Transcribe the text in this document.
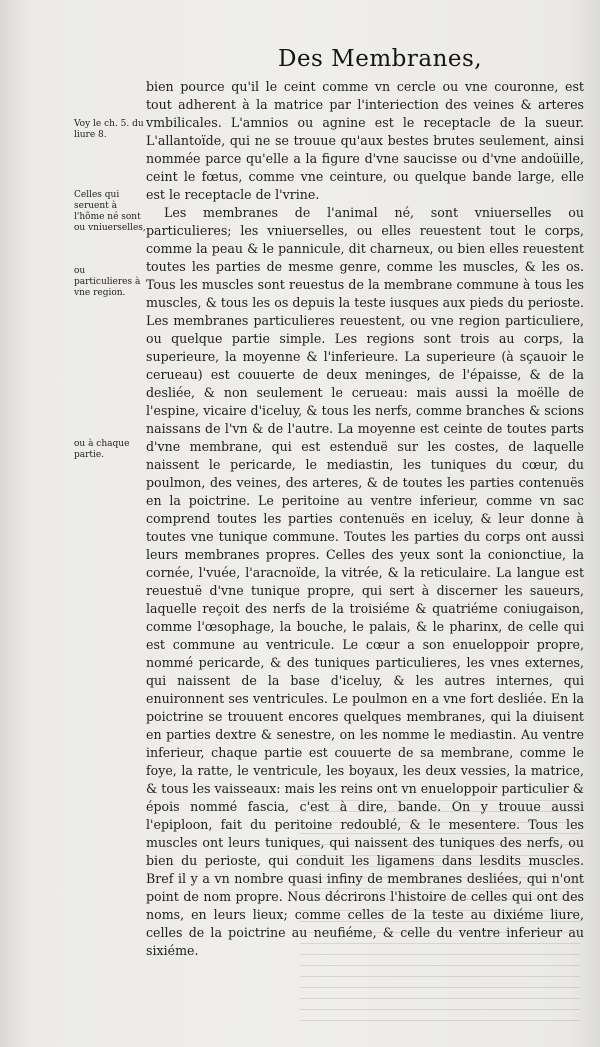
Des Membranes,
Voy le ch. 5. du liure 8.
Celles qui seruent à l'hõme né sont ou vniuerselles,
ou particulieres à vne region.
ou à chaque partie.

bien pource qu'il le ceint comme vn cercle ou vne couronne, est tout adherent à la matrice par l'interiection des veines & arteres vmbilicales. L'amnios ou agnine est le receptacle de la sueur. L'allantoïde, qui ne se trouue qu'aux bestes brutes seulement, ainsi nommée parce qu'elle a la figure d'vne saucisse ou d'vne andoüille, ceint le fœtus, comme vne ceinture, ou quelque bande large, elle est le receptacle de l'vrine.

Les membranes de l'animal né, sont vniuerselles ou particulieres; les vniuerselles, ou elles reuestent tout le corps, comme la peau & le pannicule, dit charneux, ou bien elles reuestent toutes les parties de mesme genre, comme les muscles, & les os. Tous les muscles sont reuestus de la membrane commune à tous les muscles, & tous les os depuis la teste iusques aux pieds du perioste. Les membranes particulieres reuestent, ou vne region particuliere, ou quelque partie simple. Les regions sont trois au corps, la superieure, la moyenne & l'inferieure. La superieure (à sçauoir le cerueau) est couuerte de deux meninges, de l'épaisse, & de la desliée, & non seulement le cerueau: mais aussi la moëlle de l'espine, vicaire d'iceluy, & tous les nerfs, comme branches & scions naissans de l'vn & de l'autre. La moyenne est ceinte de toutes parts d'vne membrane, qui est estenduë sur les costes, de laquelle naissent le pericarde, le mediastin, les tuniques du cœur, du poulmon, des veines, des arteres, & de toutes les parties contenuës en la poictrine. Le peritoine au ventre inferieur, comme vn sac comprend toutes les parties contenuës en iceluy, & leur donne à toutes vne tunique commune. Toutes les parties du corps ont aussi leurs membranes propres. Celles des yeux sont la conionctiue, la cornée, l'vuée, l'aracnoïde, la vitrée, & la reticulaire. La langue est reuestuë d'vne tunique propre, qui sert à discerner les saueurs, laquelle reçoit des nerfs de la troisiéme & quatriéme coniugaison, comme l'œsophage, la bouche, le palais, & le pharinx, de celle qui est commune au ventricule. Le cœur a son enueloppoir propre, nommé pericarde, & des tuniques particulieres, les vnes externes, qui naissent de la base d'iceluy, & les autres internes, qui enuironnent ses ventricules. Le poulmon en a vne fort desliée. En la poictrine se trouuent encores quelques membranes, qui la diuisent en parties dextre & senestre, on les nomme le mediastin. Au ventre inferieur, chaque partie est couuerte de sa membrane, comme le foye, la ratte, le ventricule, les boyaux, les deux vessies, la matrice, & tous les vaisseaux: mais les reins ont vn enueloppoir particulier & épois nommé fascia, c'est à dire, bande. On y trouue aussi l'epiploon, fait du peritoine redoublé, & le mesentere. Tous les muscles ont leurs tuniques, qui naissent des tuniques des nerfs, ou bien du perioste, qui conduit les ligamens dans lesdits muscles. Bref il y a vn nombre quasi infiny de membranes desliées, qui n'ont point de nom propre. Nous décrirons l'histoire de celles qui ont des noms, en leurs lieux; comme celles de la teste au dixiéme liure, celles de la poictrine au neufiéme, & celle du ventre inferieur au sixiéme.
